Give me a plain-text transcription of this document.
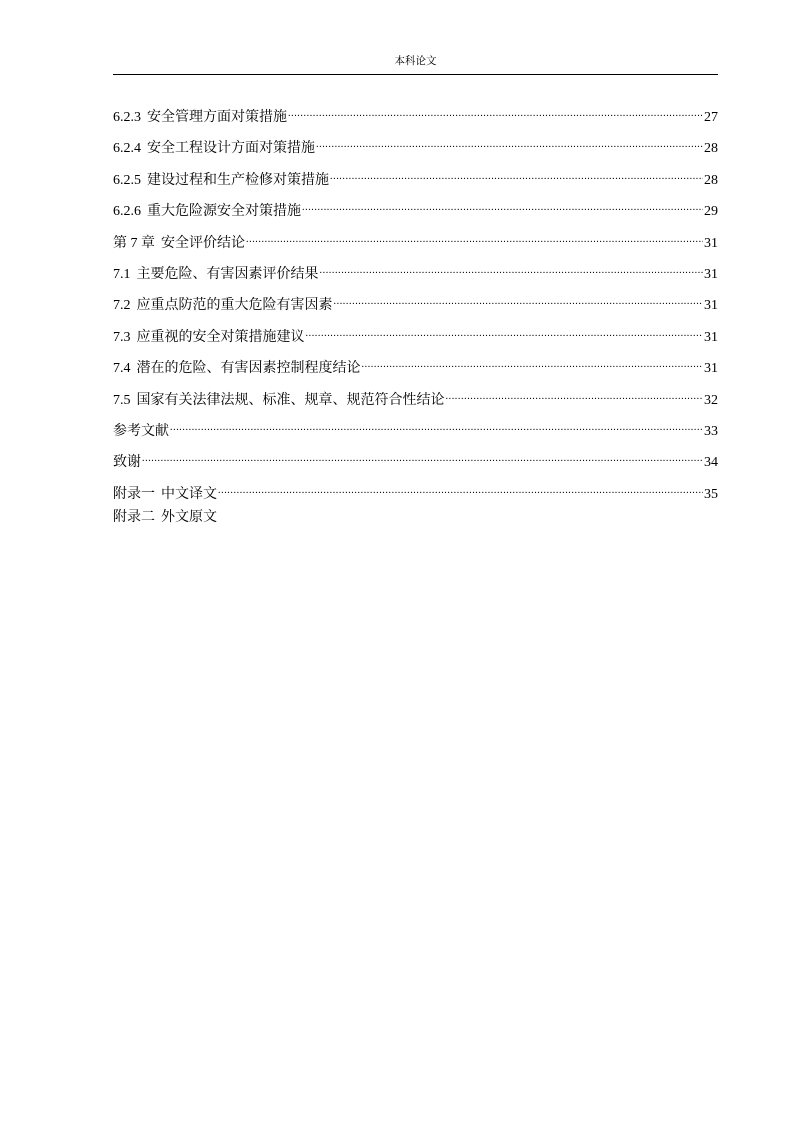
本科论文
6.2.3 安全管理方面对策措施 .....	27
6.2.4 安全工程设计方面对策措施 .....	28
6.2.5 建设过程和生产检修对策措施 .....	28
6.2.6 重大危险源安全对策措施 .....	29
第 7 章 安全评价结论 .....	31
7.1 主要危险、有害因素评价结果 .....	31
7.2 应重点防范的重大危险有害因素 .....	31
7.3 应重视的安全对策措施建议 .....	31
7.4 潜在的危险、有害因素控制程度结论 .....	31
7.5 国家有关法律法规、标准、规章、规范符合性结论 .....	32
参考文献 .....	33
致谢 .....	34
附录一 中文译文 .....	35
附录二 外文原文
